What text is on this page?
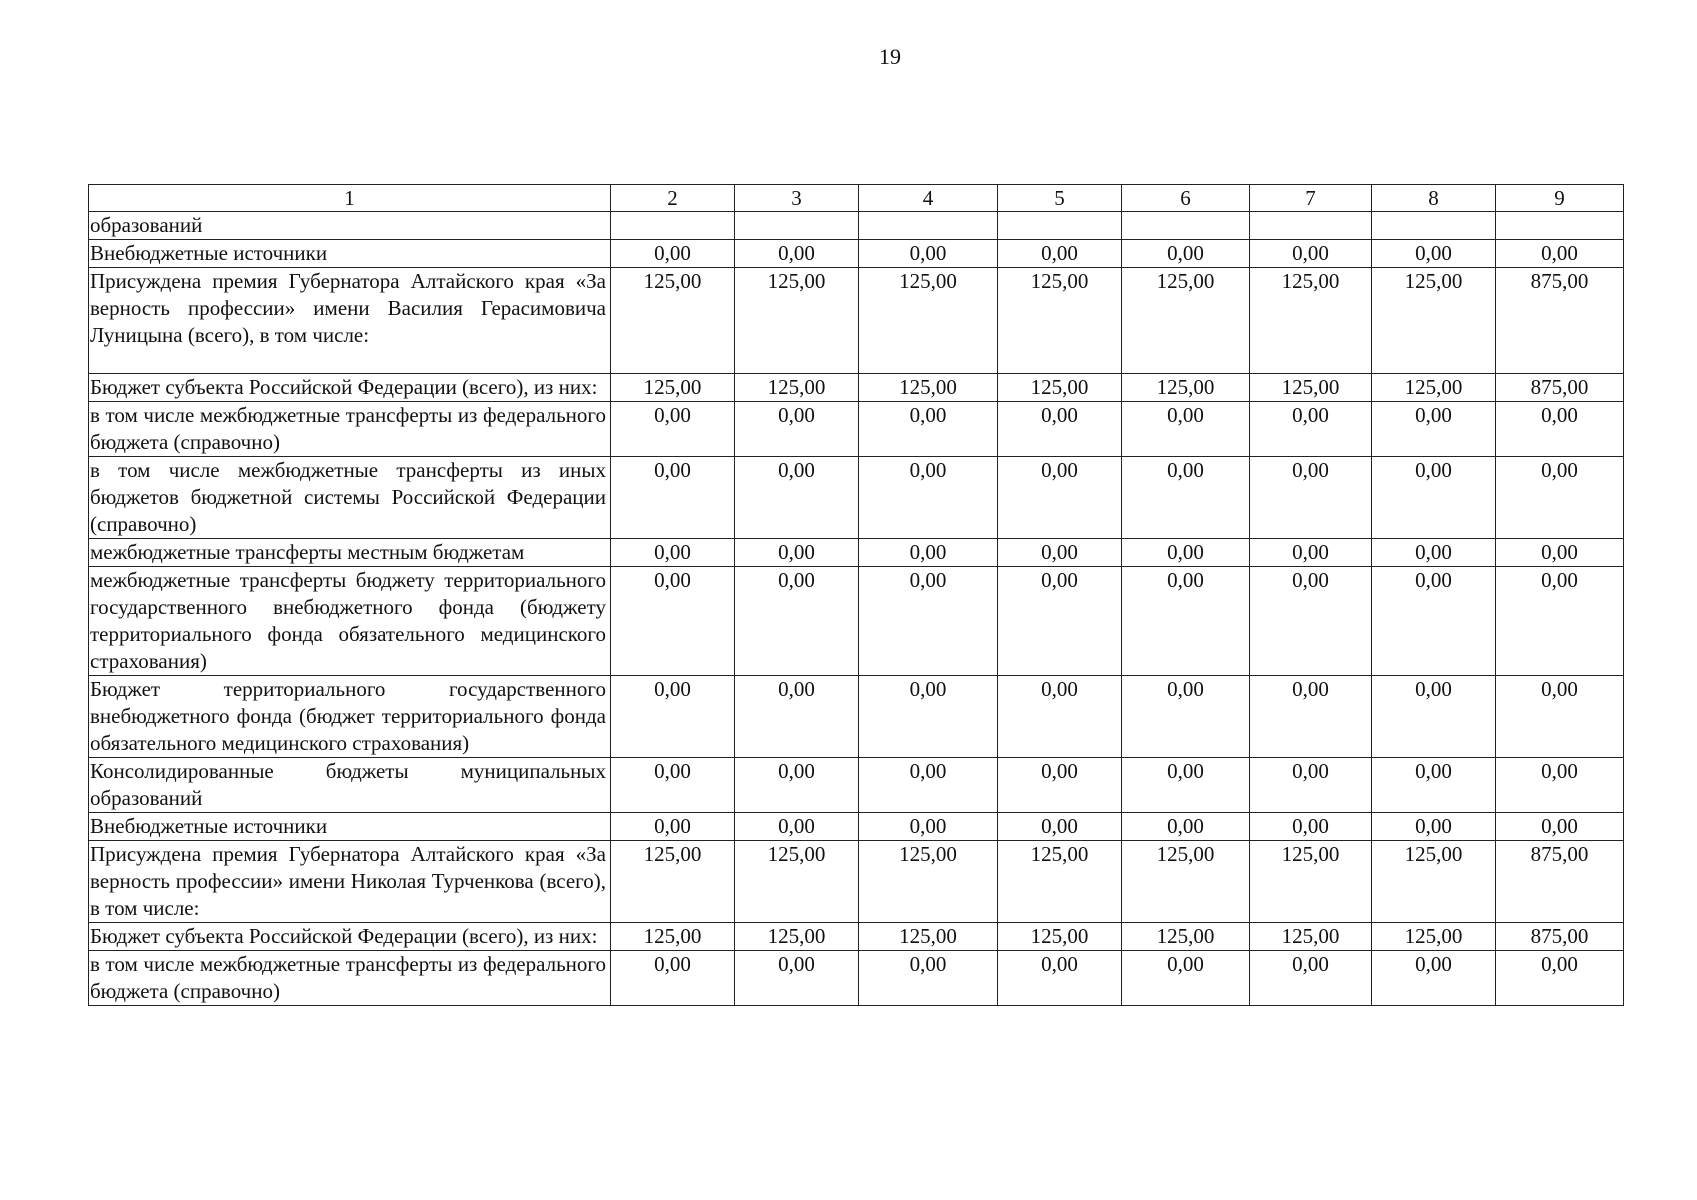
19
1	2	3	4	5	6	7	8	9
образований								
Внебюджетные источники	0,00	0,00	0,00	0,00	0,00	0,00	0,00	0,00
Присуждена премия Губернатора Алтайского края «За верность профессии» имени Василия Герасимовича Луницына (всего), в том числе:	125,00	125,00	125,00	125,00	125,00	125,00	125,00	875,00
Бюджет субъекта Российской Федерации (всего), из них:	125,00	125,00	125,00	125,00	125,00	125,00	125,00	875,00
в том числе межбюджетные трансферты из федерального бюджета (справочно)	0,00	0,00	0,00	0,00	0,00	0,00	0,00	0,00
в том числе межбюджетные трансферты из иных бюджетов бюджетной системы Российской Федерации (справочно)	0,00	0,00	0,00	0,00	0,00	0,00	0,00	0,00
межбюджетные трансферты местным бюджетам	0,00	0,00	0,00	0,00	0,00	0,00	0,00	0,00
межбюджетные трансферты бюджету территориального государственного внебюджетного фонда (бюджету территориального фонда обязательного медицинского страхования)	0,00	0,00	0,00	0,00	0,00	0,00	0,00	0,00
Бюджет территориального государственного внебюджетного фонда (бюджет территориального фонда обязательного медицинского страхования)	0,00	0,00	0,00	0,00	0,00	0,00	0,00	0,00
Консолидированные бюджеты муниципальных образований	0,00	0,00	0,00	0,00	0,00	0,00	0,00	0,00
Внебюджетные источники	0,00	0,00	0,00	0,00	0,00	0,00	0,00	0,00
Присуждена премия Губернатора Алтайского края «За верность профессии» имени Николая Турченкова (всего), в том числе:	125,00	125,00	125,00	125,00	125,00	125,00	125,00	875,00
Бюджет субъекта Российской Федерации (всего), из них:	125,00	125,00	125,00	125,00	125,00	125,00	125,00	875,00
в том числе межбюджетные трансферты из федерального бюджета (справочно)	0,00	0,00	0,00	0,00	0,00	0,00	0,00	0,00
